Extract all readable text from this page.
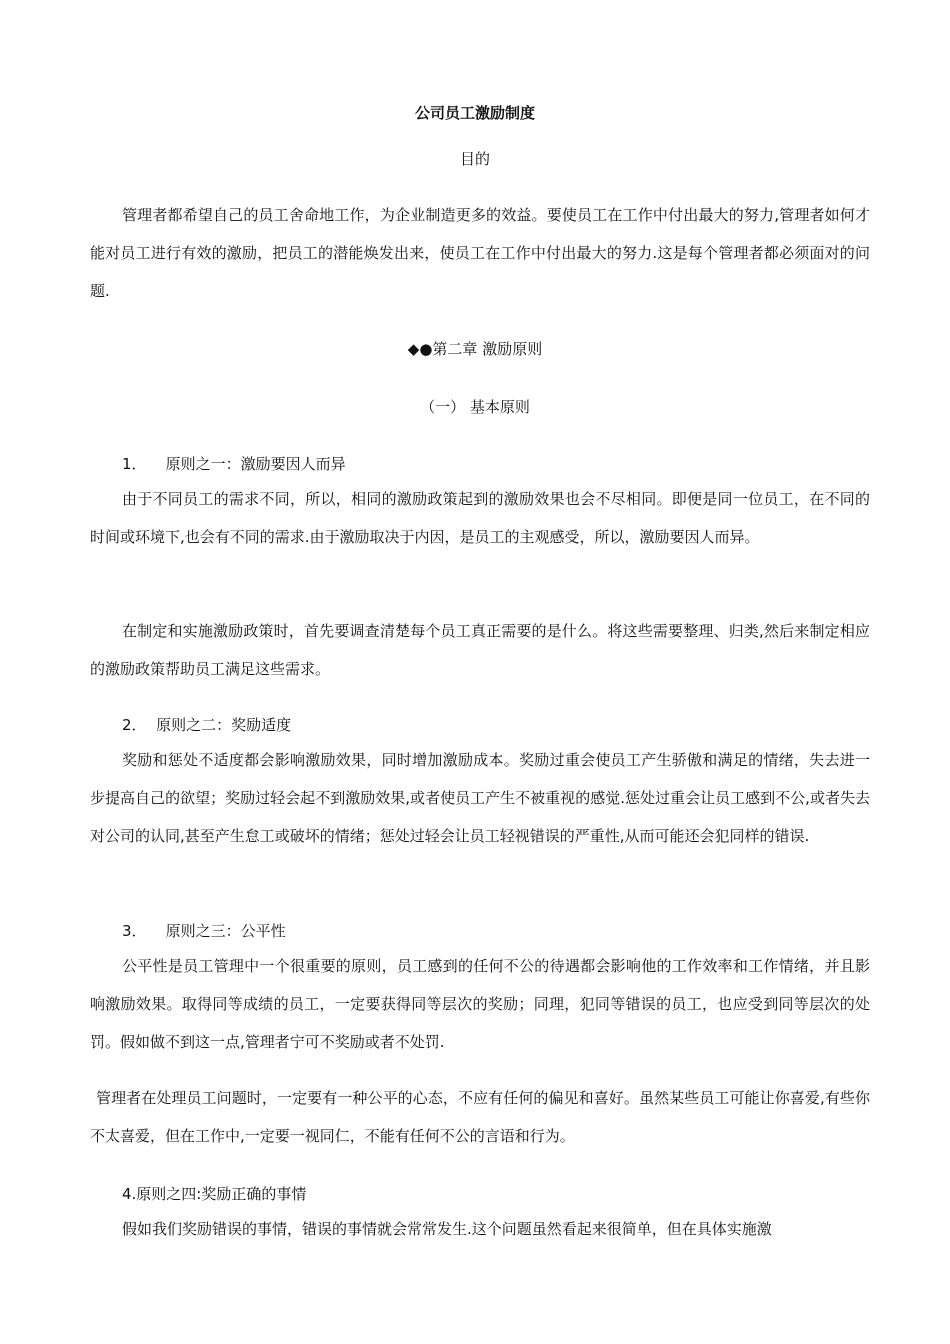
公司员工激励制度
目的

管理者都希望自己的员工舍命地工作，为企业制造更多的效益。要使员工在工作中付出最大的努力,管理者如何才能对员工进行有效的激励，把员工的潜能焕发出来，使员工在工作中付出最大的努力.这是每个管理者都必须面对的问题.

◆●第二章 激励原则
（一） 基本原则
1．    原则之一：激励要因人而异

由于不同员工的需求不同，所以，相同的激励政策起到的激励效果也会不尽相同。即便是同一位员工，在不同的时间或环境下,也会有不同的需求.由于激励取决于内因，是员工的主观感受，所以，激励要因人而异。

在制定和实施激励政策时，首先要调查清楚每个员工真正需要的是什么。将这些需要整理、归类,然后来制定相应的激励政策帮助员工满足这些需求。

2．  原则之二：奖励适度

奖励和惩处不适度都会影响激励效果，同时增加激励成本。奖励过重会使员工产生骄傲和满足的情绪，失去进一步提高自己的欲望；奖励过轻会起不到激励效果,或者使员工产生不被重视的感觉.惩处过重会让员工感到不公,或者失去对公司的认同,甚至产生怠工或破坏的情绪；惩处过轻会让员工轻视错误的严重性,从而可能还会犯同样的错误.

3．    原则之三：公平性

公平性是员工管理中一个很重要的原则，员工感到的任何不公的待遇都会影响他的工作效率和工作情绪，并且影响激励效果。取得同等成绩的员工，一定要获得同等层次的奖励；同理，犯同等错误的员工，也应受到同等层次的处罚。假如做不到这一点,管理者宁可不奖励或者不处罚.

管理者在处理员工问题时，一定要有一种公平的心态，不应有任何的偏见和喜好。虽然某些员工可能让你喜爱,有些你不太喜爱，但在工作中,一定要一视同仁，不能有任何不公的言语和行为。

4.原则之四:奖励正确的事情

假如我们奖励错误的事情，错误的事情就会常常发生.这个问题虽然看起来很简单，但在具体实施激
